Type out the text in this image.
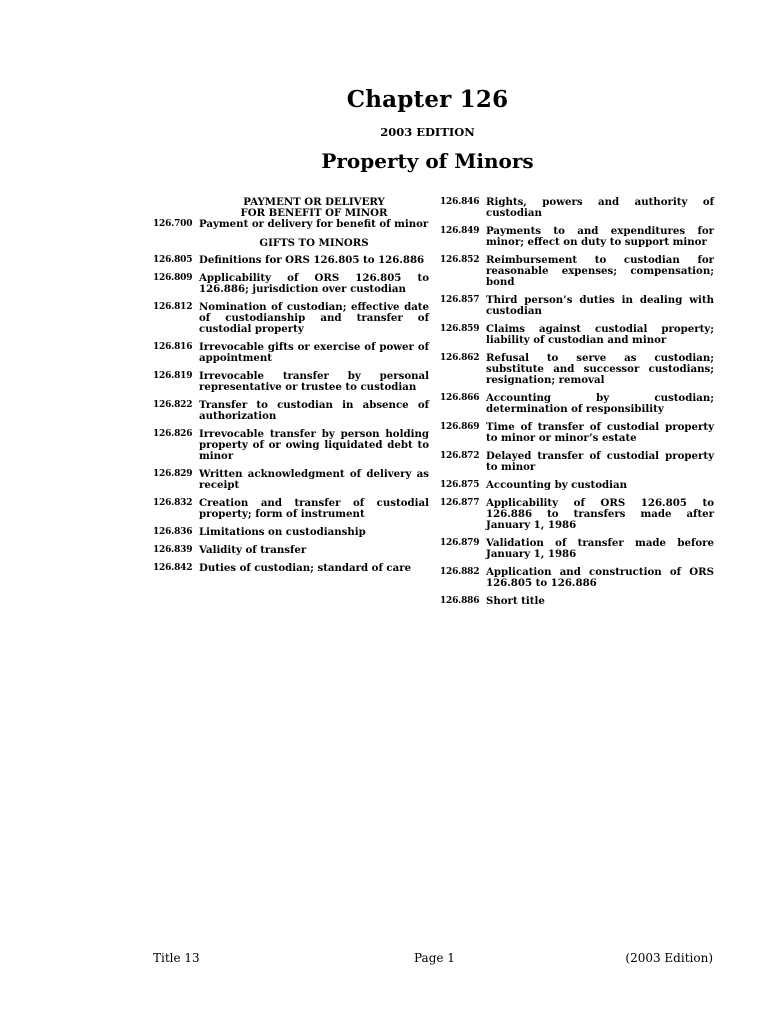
Chapter 126
2003 EDITION
Property of Minors
PAYMENT OR DELIVERY
FOR BENEFIT OF MINOR
126.700 Payment or delivery for benefit of minor
GIFTS TO MINORS
126.805 Definitions for ORS 126.805 to 126.886
126.809 Applicability of ORS 126.805 to 126.886; jurisdiction over custodian
126.812 Nomination of custodian; effective date of custodianship and transfer of custodial property
126.816 Irrevocable gifts or exercise of power of appointment
126.819 Irrevocable transfer by personal representative or trustee to custodian
126.822 Transfer to custodian in absence of authorization
126.826 Irrevocable transfer by person holding property of or owing liquidated debt to minor
126.829 Written acknowledgment of delivery as receipt
126.832 Creation and transfer of custodial property; form of instrument
126.836 Limitations on custodianship
126.839 Validity of transfer
126.842 Duties of custodian; standard of care
126.846 Rights, powers and authority of custodian
126.849 Payments to and expenditures for minor; effect on duty to support minor
126.852 Reimbursement to custodian for reasonable expenses; compensation; bond
126.857 Third person’s duties in dealing with custodian
126.859 Claims against custodial property; liability of custodian and minor
126.862 Refusal to serve as custodian; substitute and successor custodians; resignation; removal
126.866 Accounting by custodian; determination of responsibility
126.869 Time of transfer of custodial property to minor or minor’s estate
126.872 Delayed transfer of custodial property to minor
126.875 Accounting by custodian
126.877 Applicability of ORS 126.805 to 126.886 to transfers made after January 1, 1986
126.879 Validation of transfer made before January 1, 1986
126.882 Application and construction of ORS 126.805 to 126.886
126.886 Short title
Title 13	Page 1	(2003 Edition)
